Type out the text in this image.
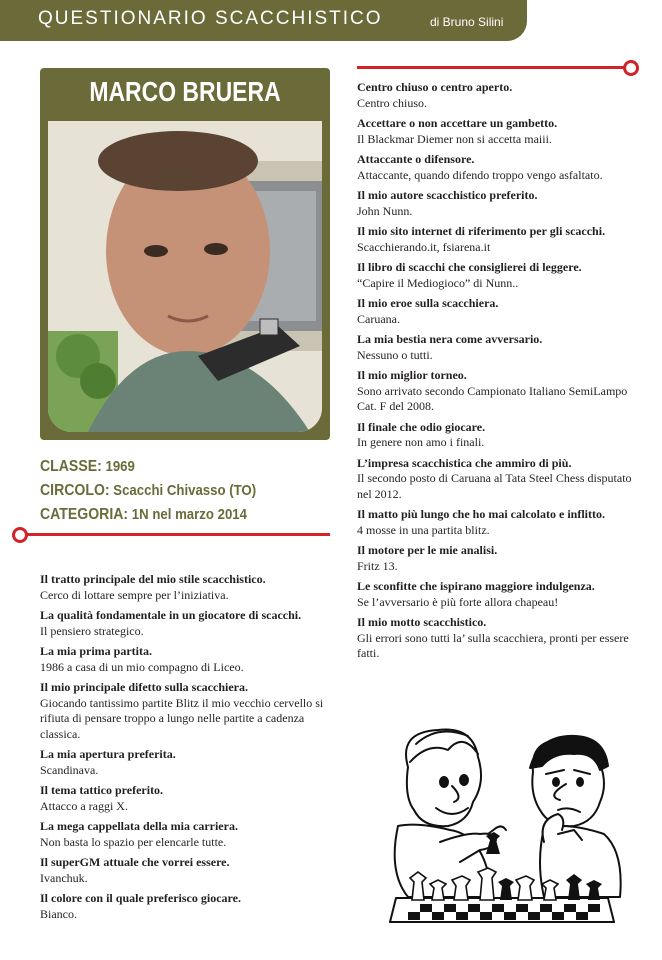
QUESTIONARIO SCACCHISTICO	di Bruno Silini
MARCO BRUERA
CLASSE: 1969
CIRCOLO: Scacchi Chivasso (TO)
CATEGORIA: 1N nel marzo 2014
Il tratto principale del mio stile scacchistico.
Cerco di lottare sempre per l’iniziativa.
La qualità fondamentale in un giocatore di scacchi.
Il pensiero strategico.
La mia prima partita.
1986 a casa di un mio compagno di Liceo.
Il mio principale difetto sulla scacchiera.
Giocando tantissimo partite Blitz il mio vecchio cervello si rifiuta di pensare troppo a lungo nelle partite a cadenza classica.
La mia apertura preferita.
Scandinava.
Il tema tattico preferito.
Attacco a raggi X.
La mega cappellata della mia carriera.
Non basta lo spazio per elencarle tutte.
Il superGM attuale che vorrei essere.
Ivanchuk.
Il colore con il quale preferisco giocare.
Bianco.
Centro chiuso o centro aperto.
Centro chiuso.
Accettare o non accettare un gambetto.
Il Blackmar Diemer non si accetta maiii.
Attaccante o difensore.
Attaccante, quando difendo troppo vengo asfaltato.
Il mio autore scacchistico preferito.
John Nunn.
Il mio sito internet di riferimento per gli scacchi.
Scacchierando.it, fsiarena.it
Il libro di scacchi che consiglierei di leggere.
“Capire il Mediogioco” di Nunn..
Il mio eroe sulla scacchiera.
Caruana.
La mia bestia nera come avversario.
Nessuno o tutti.
Il mio miglior torneo.
Sono arrivato secondo Campionato Italiano SemiLampo Cat. F del 2008.
Il finale che odio giocare.
In genere non amo i finali.
L’impresa scacchistica che ammiro di più.
Il secondo posto di Caruana al Tata Steel Chess disputato nel 2012.
Il matto più lungo che ho mai calcolato e inflitto.
4 mosse in una partita blitz.
Il motore per le mie analisi.
Fritz 13.
Le sconfitte che ispirano maggiore indulgenza.
Se l’avversario è più forte allora chapeau!
Il mio motto scacchistico.
Gli errori sono tutti la’ sulla scacchiera, pronti per essere fatti.
